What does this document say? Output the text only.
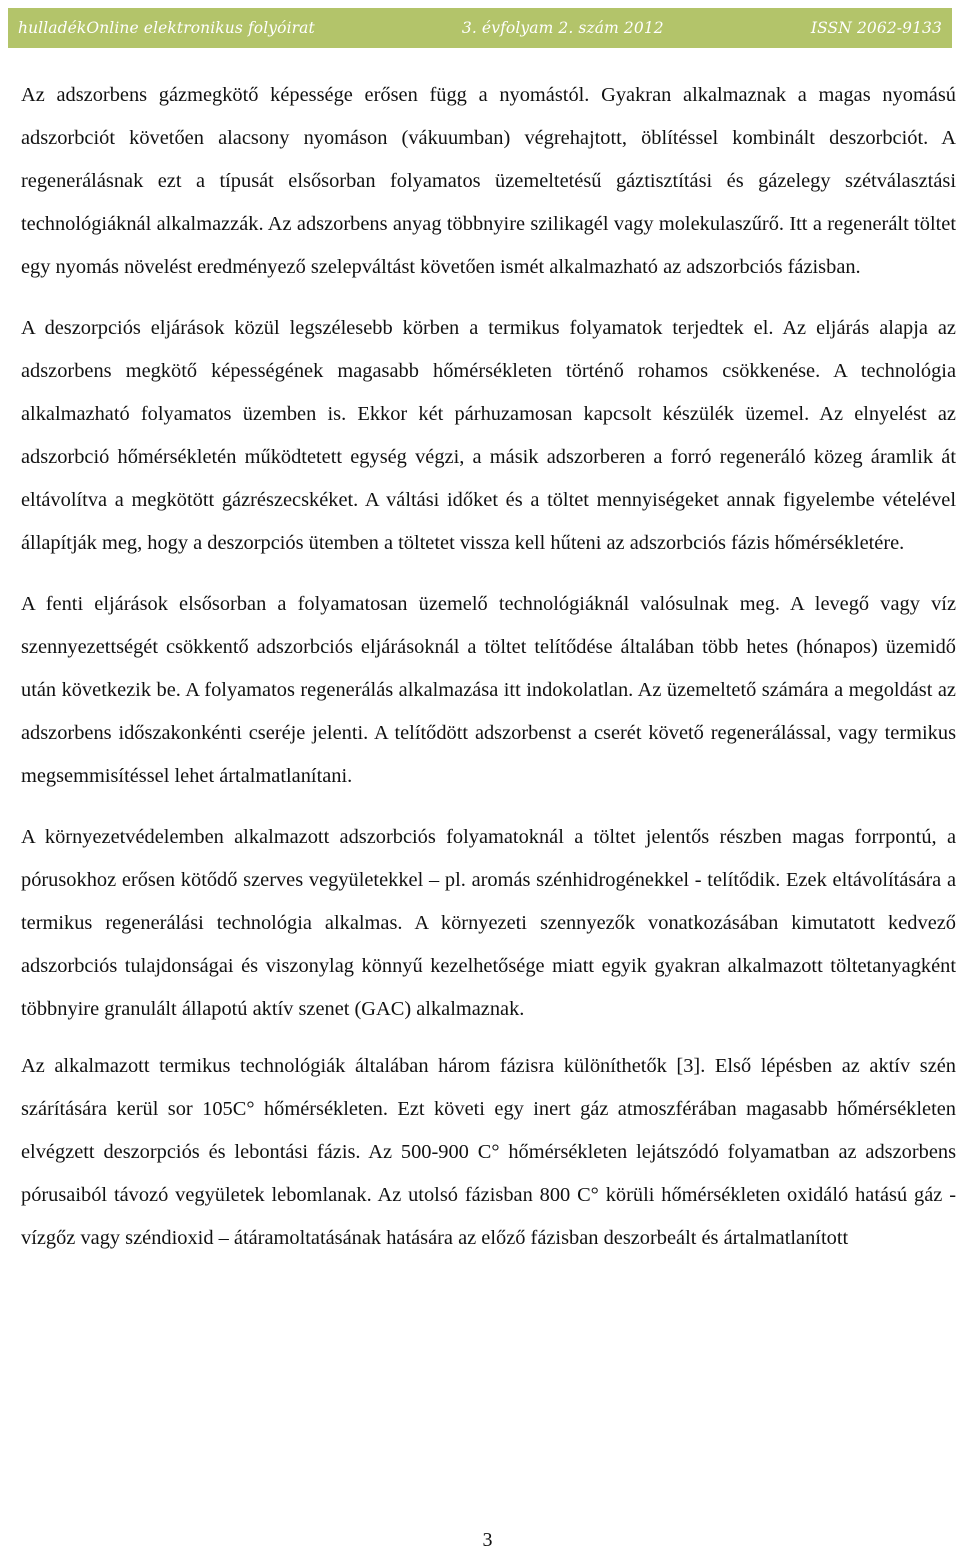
hulladékOnline elektronikus folyóirat	3. évfolyam 2. szám 2012	ISSN 2062-9133

Az adszorbens gázmegkötő képessége erősen függ a nyomástól. Gyakran alkalmaznak a magas nyomású adszorbciót követően alacsony nyomáson (vákuumban) végrehajtott, öblítéssel kombinált deszorbciót. A regenerálásnak ezt a típusát elsősorban folyamatos üzemeltetésű gáztisztítási és gázelegy szétválasztási technológiáknál alkalmazzák. Az adszorbens anyag többnyire szilikagél vagy molekulaszűrő. Itt a regenerált töltet egy nyomás növelést eredményező szelepváltást követően ismét alkalmazható az adszorbciós fázisban.

A deszorpciós eljárások közül legszélesebb körben a termikus folyamatok terjedtek el. Az eljárás alapja az adszorbens megkötő képességének magasabb hőmérsékleten történő rohamos csökkenése. A technológia alkalmazható folyamatos üzemben is. Ekkor két párhuzamosan kapcsolt készülék üzemel. Az elnyelést az adszorbció hőmérsékletén működtetett egység végzi, a másik adszorberen a forró regeneráló közeg áramlik át eltávolítva a megkötött gázrészecskéket. A váltási időket és a töltet mennyiségeket annak figyelembe vételével állapítják meg, hogy a deszorpciós ütemben a töltetet vissza kell hűteni az adszorbciós fázis hőmérsékletére.

A fenti eljárások elsősorban a folyamatosan üzemelő technológiáknál valósulnak meg. A levegő vagy víz szennyezettségét csökkentő adszorbciós eljárásoknál a töltet telítődése általában több hetes (hónapos) üzemidő után következik be. A folyamatos regenerálás alkalmazása itt indokolatlan. Az üzemeltető számára a megoldást az adszorbens időszakonkénti cseréje jelenti. A telítődött adszorbenst a cserét követő regenerálással, vagy termikus megsemmisítéssel lehet ártalmatlanítani.

A környezetvédelemben alkalmazott adszorbciós folyamatoknál a töltet jelentős részben magas forrpontú, a pórusokhoz erősen kötődő szerves vegyületekkel – pl. aromás szénhidrogénekkel - telítődik. Ezek eltávolítására a termikus regenerálási technológia alkalmas. A környezeti szennyezők vonatkozásában kimutatott kedvező adszorbciós tulajdonságai és viszonylag könnyű kezelhetősége miatt egyik gyakran alkalmazott töltetanyagként többnyire granulált állapotú aktív szenet (GAC) alkalmaznak.

Az alkalmazott termikus technológiák általában három fázisra különíthetők [3]. Első lépésben az aktív szén szárítására kerül sor 105C° hőmérsékleten. Ezt követi egy inert gáz atmoszférában magasabb hőmérsékleten elvégzett deszorpciós és lebontási fázis. Az 500-900 C° hőmérsékleten lejátszódó folyamatban az adszorbens pórusaiból távozó vegyületek lebomlanak. Az utolsó fázisban 800 C° körüli hőmérsékleten oxidáló hatású gáz - vízgőz vagy széndioxid – átáramoltatásának hatására az előző fázisban deszorbeált és ártalmatlanított

3
